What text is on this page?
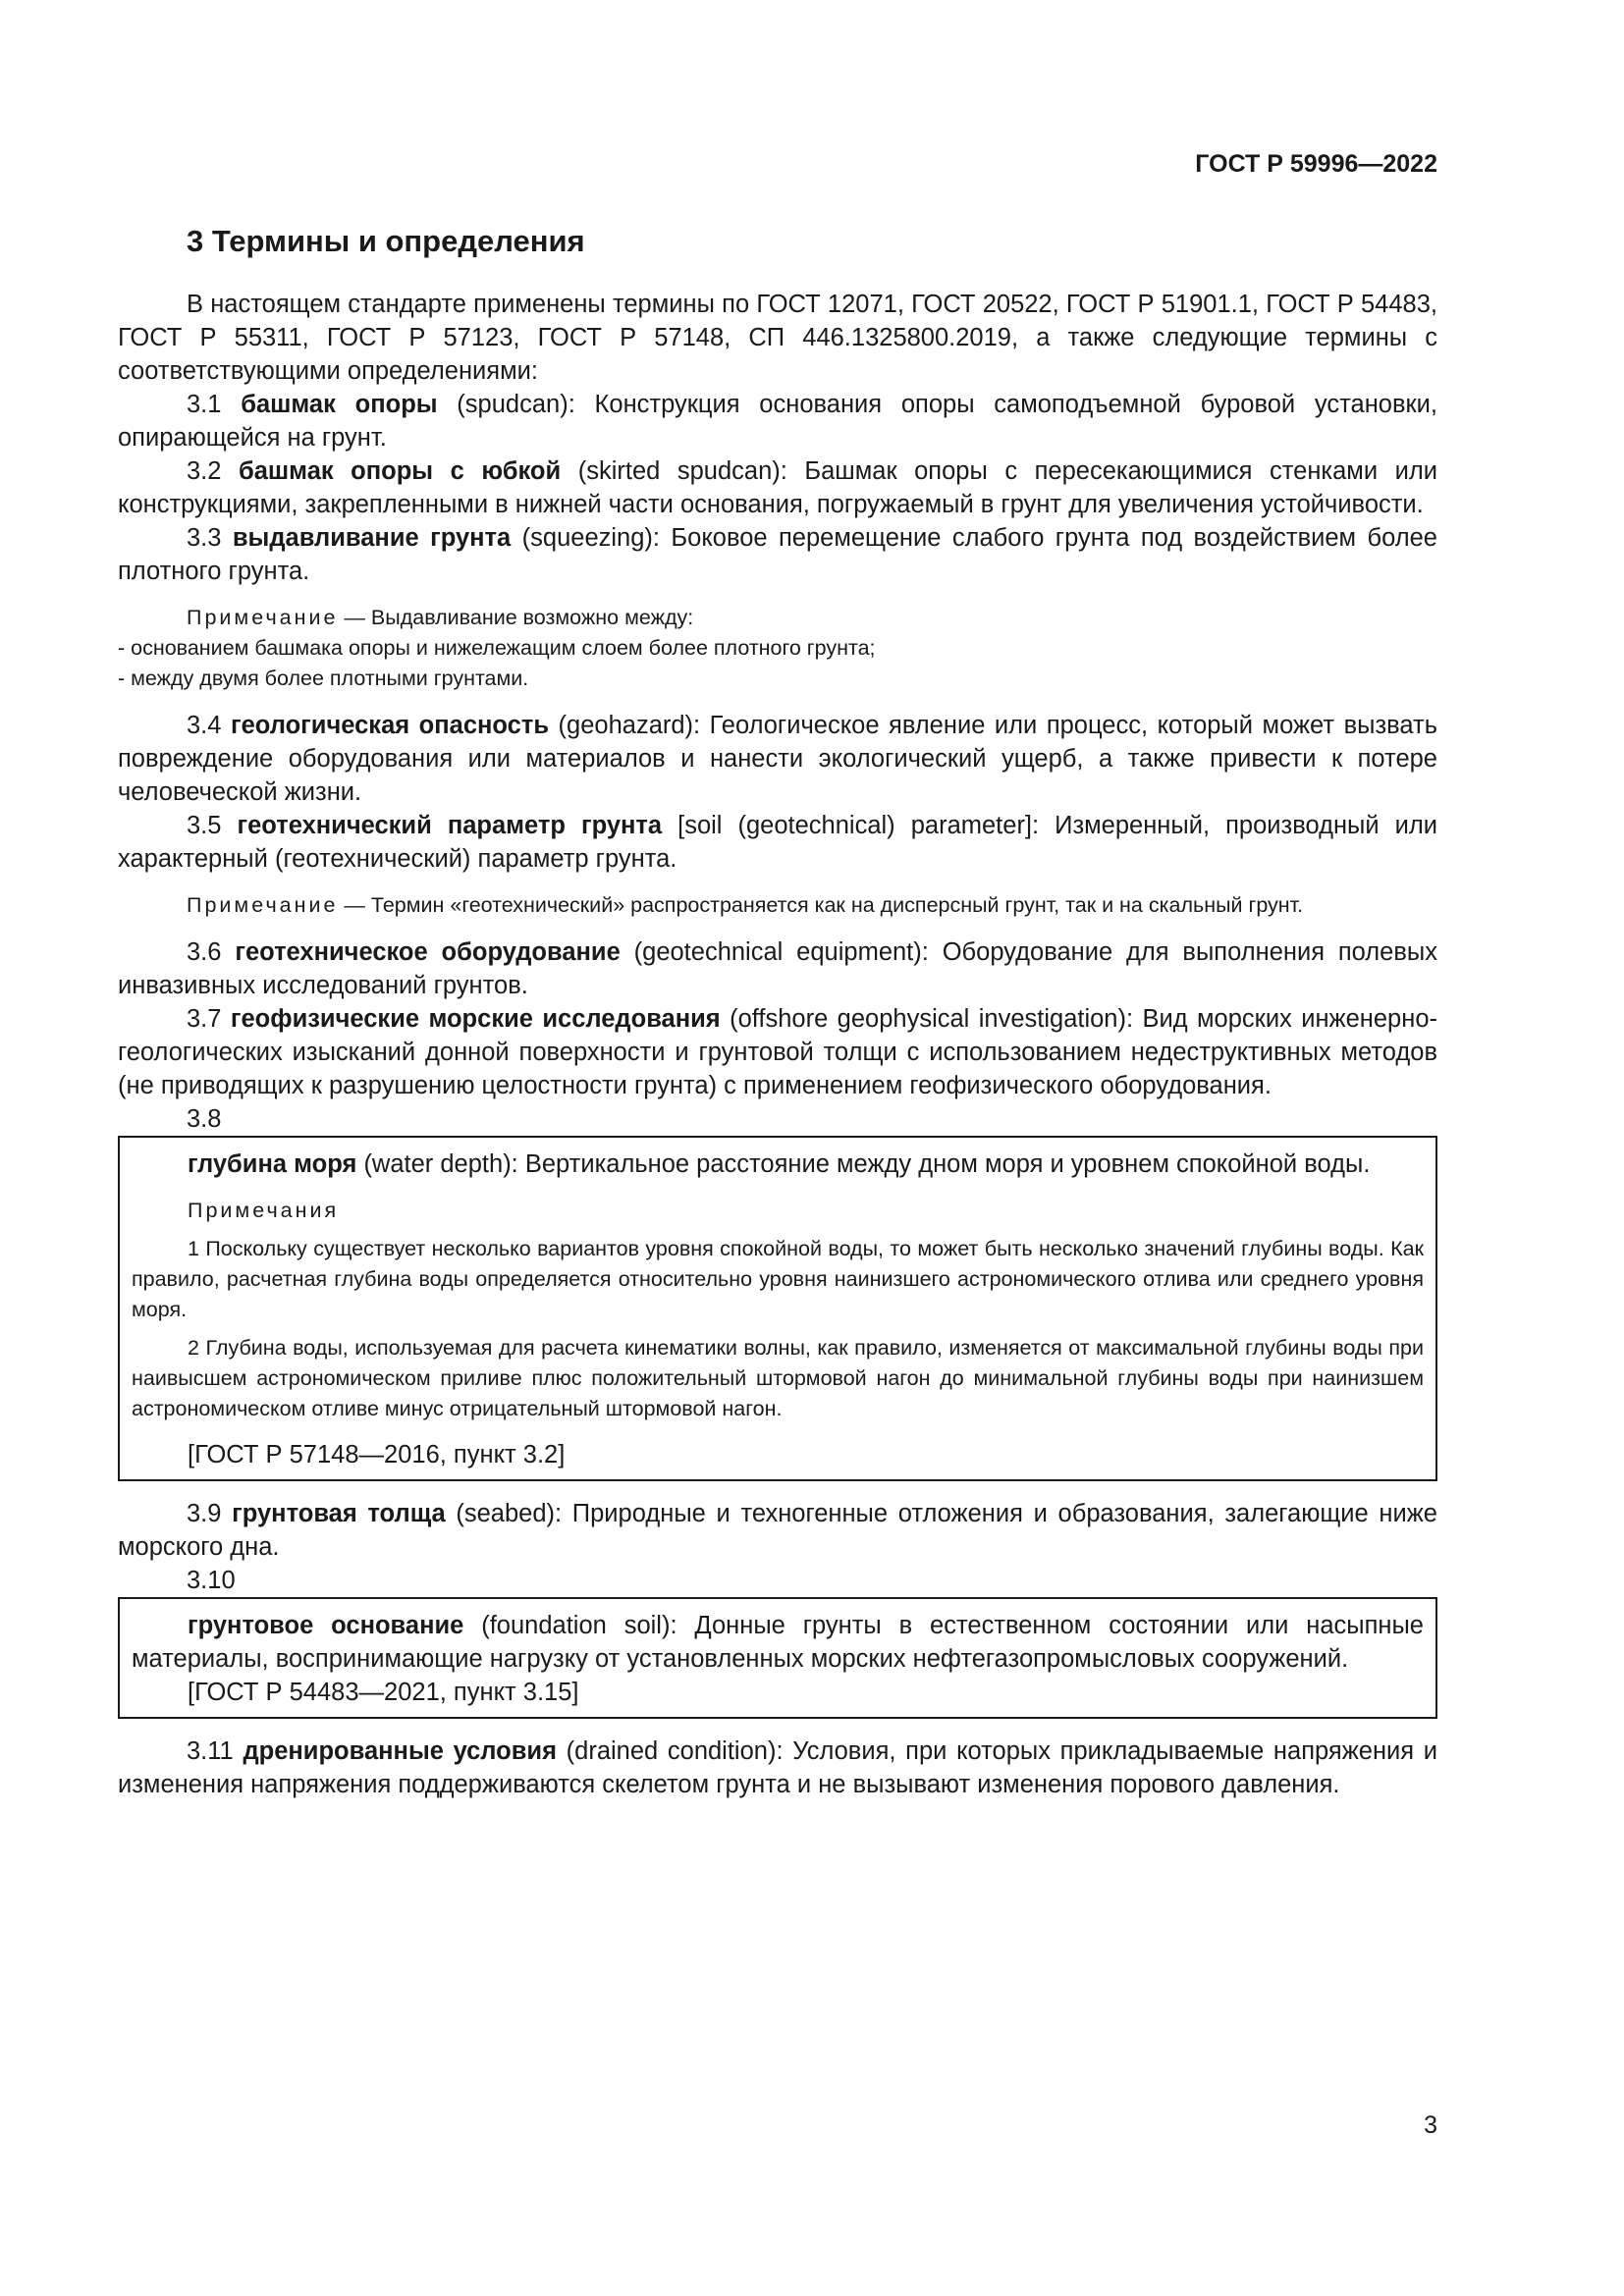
ГОСТ Р 59996—2022
3 Термины и определения

В настоящем стандарте применены термины по ГОСТ 12071, ГОСТ 20522, ГОСТ Р 51901.1, ГОСТ Р 54483, ГОСТ Р 55311, ГОСТ Р 57123, ГОСТ Р 57148, СП 446.1325800.2019, а также следующие термины с соответствующими определениями:

3.1 башмак опоры (spudcan): Конструкция основания опоры самоподъемной буровой установки, опирающейся на грунт.

3.2 башмак опоры с юбкой (skirted spudcan): Башмак опоры с пересекающимися стенками или конструкциями, закрепленными в нижней части основания, погружаемый в грунт для увеличения устойчивости.

3.3 выдавливание грунта (squeezing): Боковое перемещение слабого грунта под воздействием более плотного грунта.

Примечание — Выдавливание возможно между:

- основанием башмака опоры и нижележащим слоем более плотного грунта;

- между двумя более плотными грунтами.

3.4 геологическая опасность (geohazard): Геологическое явление или процесс, который может вызвать повреждение оборудования или материалов и нанести экологический ущерб, а также привести к потере человеческой жизни.

3.5 геотехнический параметр грунта [soil (geotechnical) parameter]: Измеренный, производный или характерный (геотехнический) параметр грунта.

Примечание — Термин «геотехнический» распространяется как на дисперсный грунт, так и на скальный грунт.

3.6 геотехническое оборудование (geotechnical equipment): Оборудование для выполнения полевых инвазивных исследований грунтов.

3.7 геофизические морские исследования (offshore geophysical investigation): Вид морских инженерно-геологических изысканий донной поверхности и грунтовой толщи с использованием недеструктивных методов (не приводящих к разрушению целостности грунта) с применением геофизического оборудования.

3.8

глубина моря (water depth): Вертикальное расстояние между дном моря и уровнем спокойной воды.

Примечания

1 Поскольку существует несколько вариантов уровня спокойной воды, то может быть несколько значений глубины воды. Как правило, расчетная глубина воды определяется относительно уровня наинизшего астрономического отлива или среднего уровня моря.

2 Глубина воды, используемая для расчета кинематики волны, как правило, изменяется от максимальной глубины воды при наивысшем астрономическом приливе плюс положительный штормовой нагон до минимальной глубины воды при наинизшем астрономическом отливе минус отрицательный штормовой нагон.

[ГОСТ Р 57148—2016, пункт 3.2]

3.9 грунтовая толща (seabed): Природные и техногенные отложения и образования, залегающие ниже морского дна.

3.10

грунтовое основание (foundation soil): Донные грунты в естественном состоянии или насыпные материалы, воспринимающие нагрузку от установленных морских нефтегазопромысловых сооружений.

[ГОСТ Р 54483—2021, пункт 3.15]

3.11 дренированные условия (drained condition): Условия, при которых прикладываемые напряжения и изменения напряжения поддерживаются скелетом грунта и не вызывают изменения порового давления.

3
